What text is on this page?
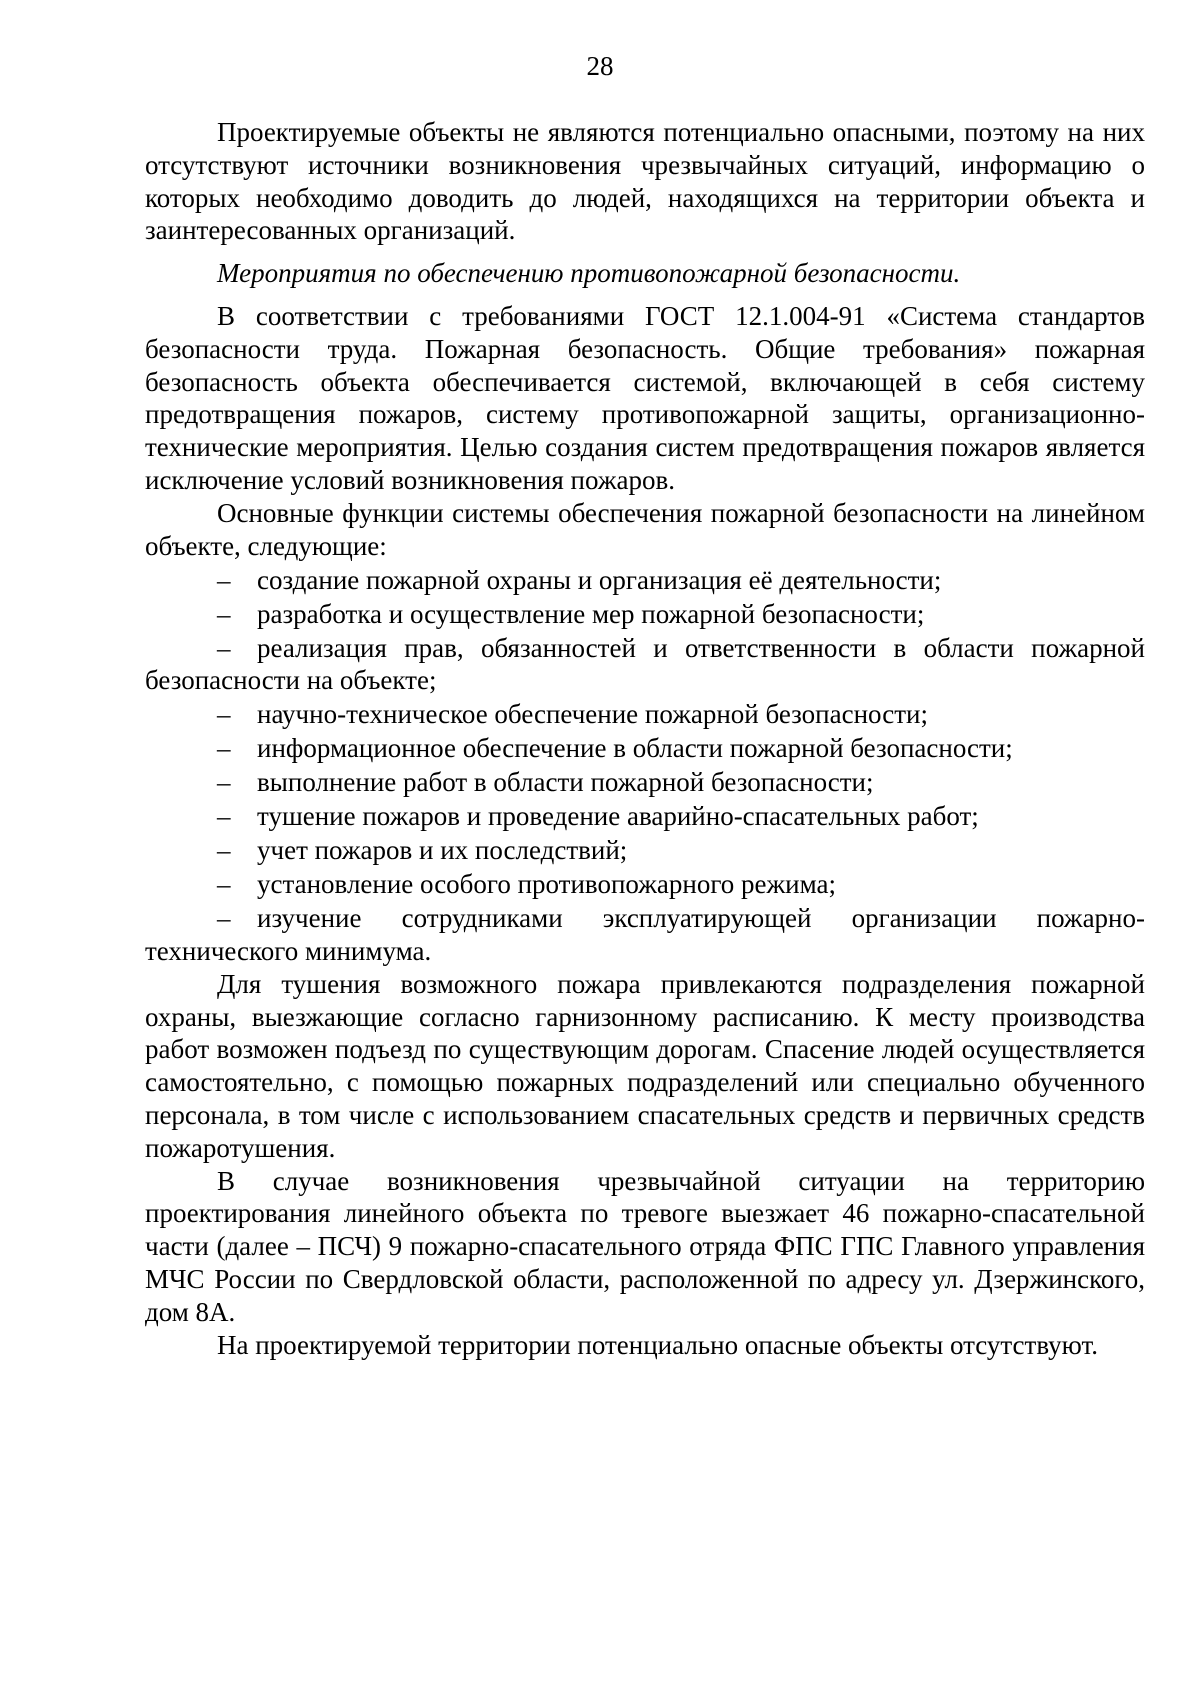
28

Проектируемые объекты не являются потенциально опасными, поэтому на них отсутствуют источники возникновения чрезвычайных ситуаций, информацию о которых необходимо доводить до людей, находящихся на территории объекта и заинтересованных организаций.

Мероприятия по обеспечению противопожарной безопасности.

В соответствии с требованиями ГОСТ 12.1.004-91 «Система стандартов безопасности труда. Пожарная безопасность. Общие требования» пожарная безопасность объекта обеспечивается системой, включающей в себя систему предотвращения пожаров, систему противопожарной защиты, организационно-технические мероприятия. Целью создания систем предотвращения пожаров является исключение условий возникновения пожаров.

Основные функции системы обеспечения пожарной безопасности на линейном объекте, следующие:

– создание пожарной охраны и организация её деятельности;

– разработка и осуществление мер пожарной безопасности;

– реализация прав, обязанностей и ответственности в области пожарной безопасности на объекте;

– научно-техническое обеспечение пожарной безопасности;

– информационное обеспечение в области пожарной безопасности;

– выполнение работ в области пожарной безопасности;

– тушение пожаров и проведение аварийно-спасательных работ;

– учет пожаров и их последствий;

– установление особого противопожарного режима;

– изучение сотрудниками эксплуатирующей организации пожарно-технического минимума.

Для тушения возможного пожара привлекаются подразделения пожарной охраны, выезжающие согласно гарнизонному расписанию. К месту производства работ возможен подъезд по существующим дорогам. Спасение людей осуществляется самостоятельно, с помощью пожарных подразделений или специально обученного персонала, в том числе с использованием спасательных средств и первичных средств пожаротушения.

В случае возникновения чрезвычайной ситуации на территорию проектирования линейного объекта по тревоге выезжает 46 пожарно-спасательной части (далее – ПСЧ) 9 пожарно-спасательного отряда ФПС ГПС Главного управления МЧС России по Свердловской области, расположенной по адресу ул. Дзержинского, дом 8А.

На проектируемой территории потенциально опасные объекты отсутствуют.
